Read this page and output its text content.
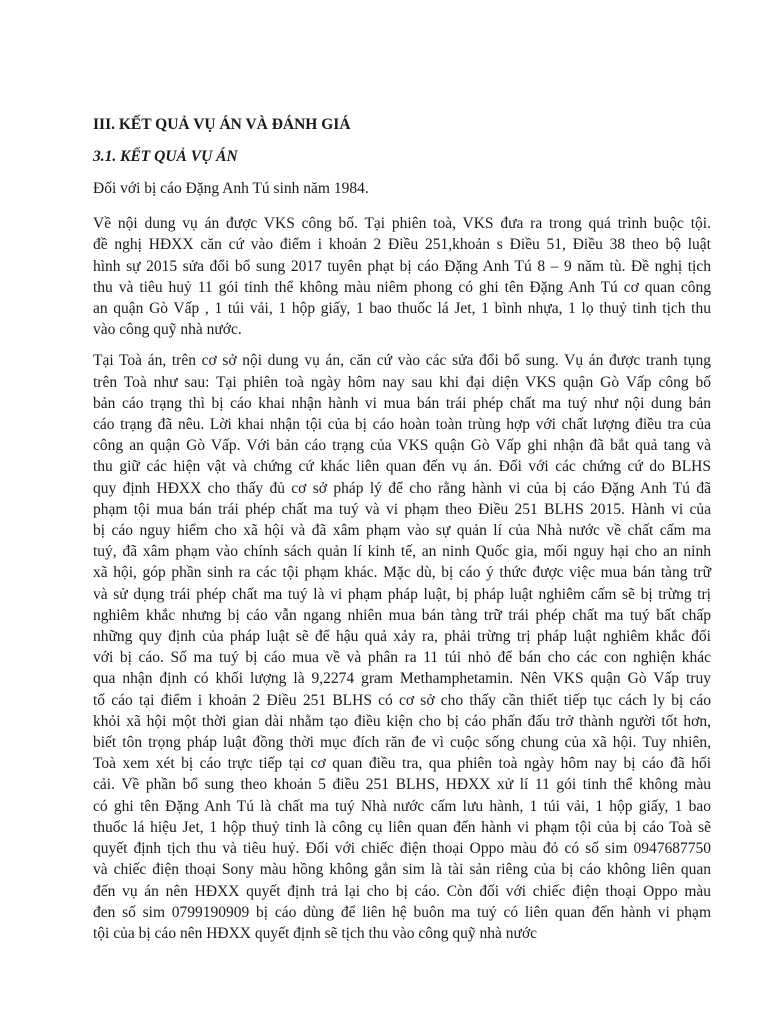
III. KẾT QUẢ VỤ ÁN VÀ ĐÁNH GIÁ
3.1. KẾT QUẢ VỤ ÁN
Đối với bị cáo Đặng Anh Tú sinh năm 1984.
Về nội dung vụ án được VKS công bố. Tại phiên toà, VKS đưa ra trong quá trình buộc tội.
đề nghị HĐXX căn cứ vào điểm i khoản 2 Điều 251,khoản s Điều 51, Điều 38 theo bộ luật
hình sự 2015 sửa đổi bổ sung 2017 tuyên phạt bị cáo Đặng Anh Tú 8 – 9 năm tù. Đề nghị tịch
thu và tiêu huỷ 11 gói tinh thể không màu niêm phong có ghi tên Đặng Anh Tú cơ quan công
an quận Gò Vấp , 1 túi vải, 1 hộp giấy, 1 bao thuốc lá Jet, 1 bình nhựa, 1 lọ thuỷ tinh tịch thu
vào công quỹ nhà nước.
Tại Toà án, trên cơ sở nội dung vụ án, căn cứ vào các sửa đổi bổ sung. Vụ án được tranh tụng
trên Toà như sau: Tại phiên toà ngày hôm nay sau khi đại diện VKS quận Gò Vấp công bố
bản cáo trạng thì bị cáo khai nhận hành vi mua bán trái phép chất ma tuý như nội dung bản
cáo trạng đã nêu. Lời khai nhận tội của bị cáo hoàn toàn trùng hợp với chất lượng điều tra của
công an quận Gò Vấp. Với bản cáo trạng của VKS quận Gò Vấp ghi nhận đã bắt quả tang và
thu giữ các hiện vật và chứng cứ khác liên quan đến vụ án. Đối với các chứng cứ do BLHS
quy định HĐXX cho thấy đủ cơ sở pháp lý để cho rằng hành vi của bị cáo Đặng Anh Tú đã
phạm tội mua bán trái phép chất ma tuý và vi phạm theo Điều 251 BLHS 2015. Hành vi của
bị cáo nguy hiểm cho xã hội và đã xâm phạm vào sự quản lí của Nhà nước về chất cấm ma
tuý, đã xâm phạm vào chính sách quản lí kinh tế, an ninh Quốc gia, mối nguy hại cho an ninh
xã hội, góp phần sinh ra các tội phạm khác. Mặc dù, bị cáo ý thức được việc mua bán tàng trữ
và sử dụng trái phép chất ma tuý là vi phạm pháp luật, bị pháp luật nghiêm cấm sẽ bị trừng trị
nghiêm khắc nhưng bị cáo vẫn ngang nhiên mua bán tàng trữ trái phép chất ma tuý bất chấp
những quy định của pháp luật sẽ để hậu quả xảy ra, phải trừng trị pháp luật nghiêm khắc đối
với bị cáo. Số ma tuý bị cáo mua về và phân ra 11 túi nhỏ để bán cho các con nghiện khác
qua nhận định có khối lượng là 9,2274 gram Methamphetamin. Nên VKS quận Gò Vấp truy
tố cáo tại điểm i khoản 2 Điều 251 BLHS có cơ sở cho thấy cần thiết tiếp tục cách ly bị cáo
khỏi xã hội một thời gian dài nhằm tạo điều kiện cho bị cáo phấn đấu trở thành người tốt hơn,
biết tôn trọng pháp luật đồng thời mục đích răn đe vì cuộc sống chung của xã hội. Tuy nhiên,
Toà xem xét bị cáo trực tiếp tại cơ quan điều tra, qua phiên toà ngày hôm nay bị cáo đã hối
cải. Về phần bổ sung theo khoản 5 điều 251 BLHS, HĐXX xử lí 11 gói tinh thể không màu
có ghi tên Đặng Anh Tú là chất ma tuý Nhà nước cấm lưu hành, 1 túi vải, 1 hộp giấy, 1 bao
thuốc lá hiệu Jet, 1 hộp thuỷ tinh là công cụ liên quan đến hành vi phạm tội của bị cáo Toà sẽ
quyết định tịch thu và tiêu huỷ. Đối với chiếc điện thoại Oppo màu đỏ có số sim 0947687750
và chiếc điện thoại Sony màu hồng không gắn sim là tài sản riêng của bị cáo không liên quan
đến vụ án nên HĐXX quyết định trả lại cho bị cáo. Còn đối với chiếc điện thoại Oppo màu
đen số sim 0799190909 bị cáo dùng để liên hệ buôn ma tuý có liên quan đến hành vi phạm
tội của bị cáo nên HĐXX quyết định sẽ tịch thu vào công quỹ nhà nước
